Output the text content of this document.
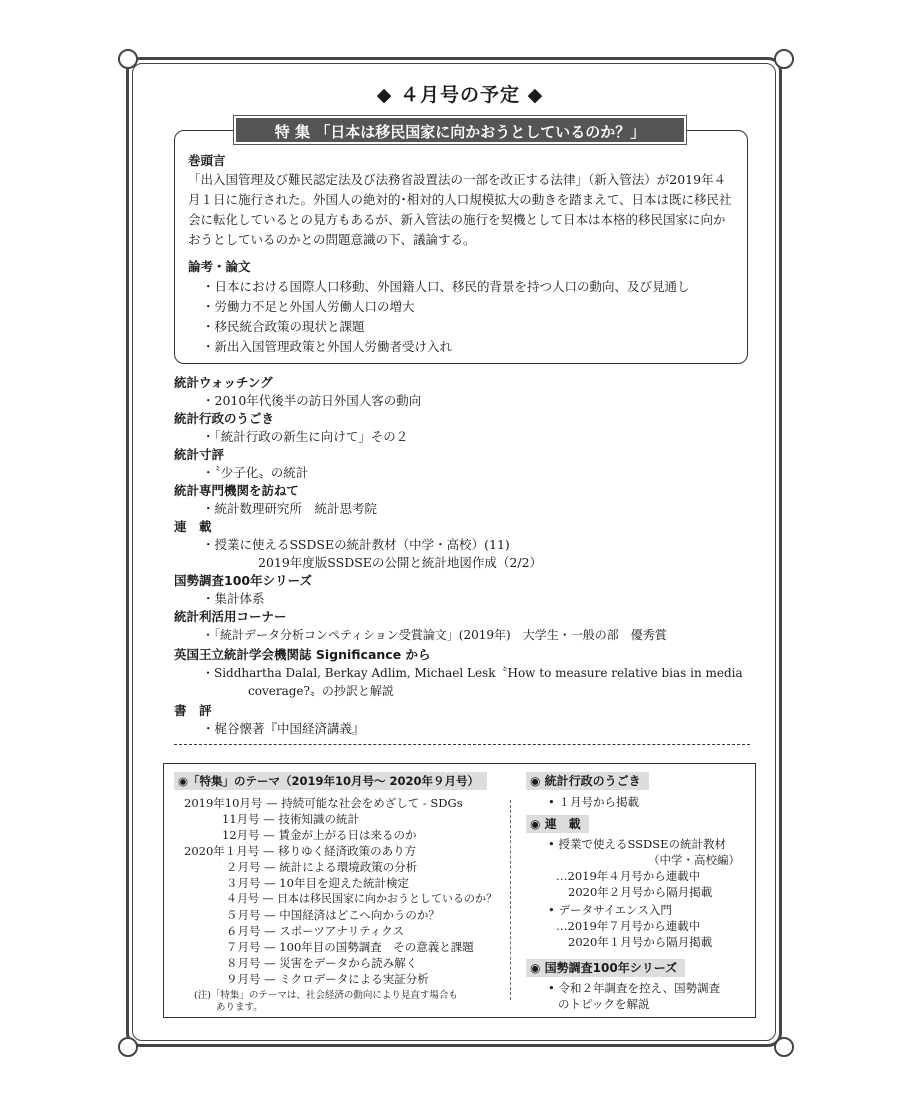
◆ ４月号の予定 ◆
特 集 「日本は移民国家に向かおうとしているのか？」
巻頭言
「出入国管理及び難民認定法及び法務省設置法の一部を改正する法律」（新入管法）が2019年４月１日に施行された。外国人の絶対的･相対的人口規模拡大の動きを踏まえて、日本は既に移民社会に転化しているとの見方もあるが、新入管法の施行を契機として日本は本格的移民国家に向かおうとしているのかとの問題意識の下、議論する。
論考・論文
・日本における国際人口移動、外国籍人口、移民的背景を持つ人口の動向、及び見通し
・労働力不足と外国人労働人口の増大
・移民統合政策の現状と課題
・新出入国管理政策と外国人労働者受け入れ
統計ウォッチング
・2010年代後半の訪日外国人客の動向
統計行政のうごき
・「統計行政の新生に向けて」その２
統計寸評
・〝少子化〟の統計
統計専門機関を訪ねて
・統計数理研究所　統計思考院
連　載
・授業に使えるSSDSEの統計教材（中学・高校）(11)
2019年度版SSDSEの公開と統計地図作成（2/2）
国勢調査100年シリーズ
・集計体系
統計利活用コーナー
・「統計データ分析コンペティション受賞論文」(2019年)　大学生・一般の部　優秀賞
英国王立統計学会機関誌 Significance から
・Siddhartha Dalal, Berkay Adlim, Michael Lesk〝How to measure relative bias in media
coverage?〟の抄訳と解説
書　評
・梶谷懐著『中国経済講義』
◉「特集」のテーマ（2019年10月号～ 2020年９月号）
2019年10月号 — 持続可能な社会をめざして - SDGs
11月号 — 技術知識の統計
12月号 — 賃金が上がる日は来るのか
2020年１月号 — 移りゆく経済政策のあり方
２月号 — 統計による環境政策の分析
３月号 — 10年目を迎えた統計検定
４月号 — 日本は移民国家に向かおうとしているのか？
５月号 — 中国経済はどこへ向かうのか？
６月号 — スポーツアナリティクス
７月号 — 100年目の国勢調査　その意義と課題
８月号 — 災害をデータから読み解く
９月号 — ミクロデータによる実証分析
(注)「特集」のテーマは、社会経済の動向により見直す場合も
あります。
◉ 統計行政のうごき
• １月号から掲載
◉ 連　載
• 授業で使えるSSDSEの統計教材
（中学・高校編）
…2019年４月号から連載中
2020年２月号から隔月掲載
• データサイエンス入門
…2019年７月号から連載中
2020年１月号から隔月掲載
◉ 国勢調査100年シリーズ
• 令和２年調査を控え、国勢調査
のトピックを解説
